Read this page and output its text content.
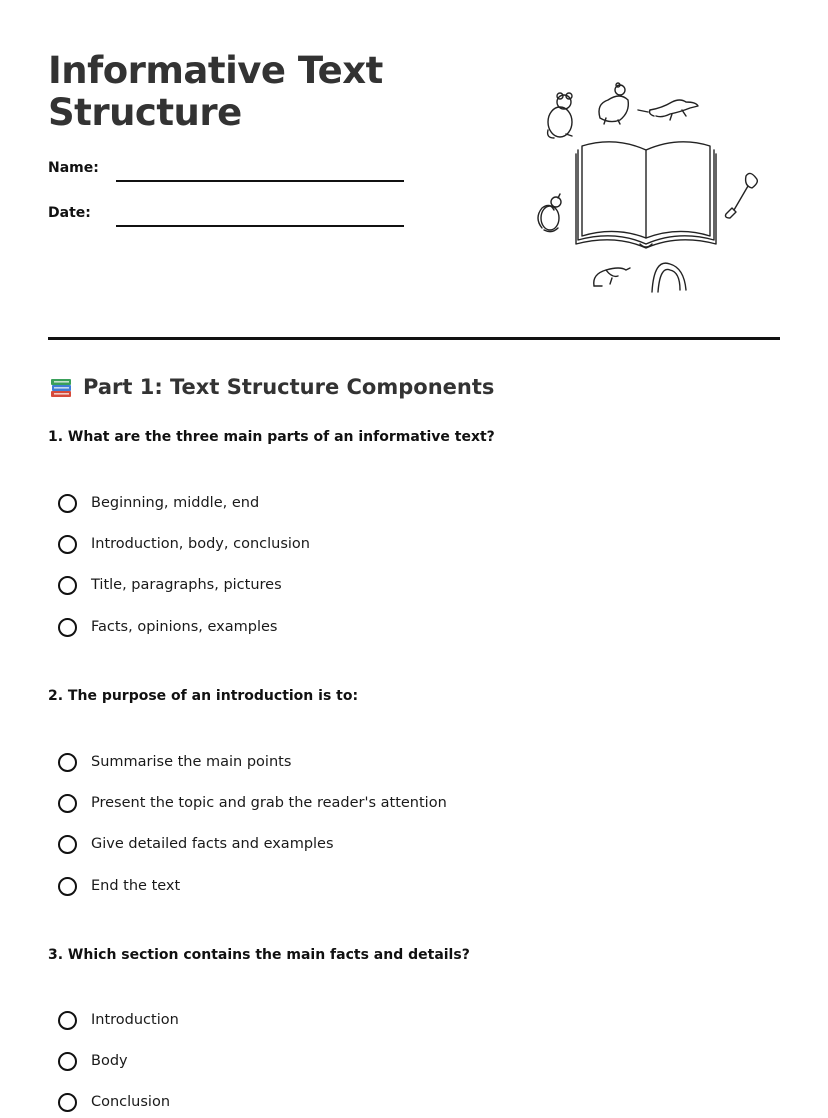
Informative Text Structure
Name:
Date:
Part 1: Text Structure Components
1. What are the three main parts of an informative text?
Beginning, middle, end
Introduction, body, conclusion
Title, paragraphs, pictures
Facts, opinions, examples
2. The purpose of an introduction is to:
Summarise the main points
Present the topic and grab the reader's attention
Give detailed facts and examples
End the text
3. Which section contains the main facts and details?
Introduction
Body
Conclusion
